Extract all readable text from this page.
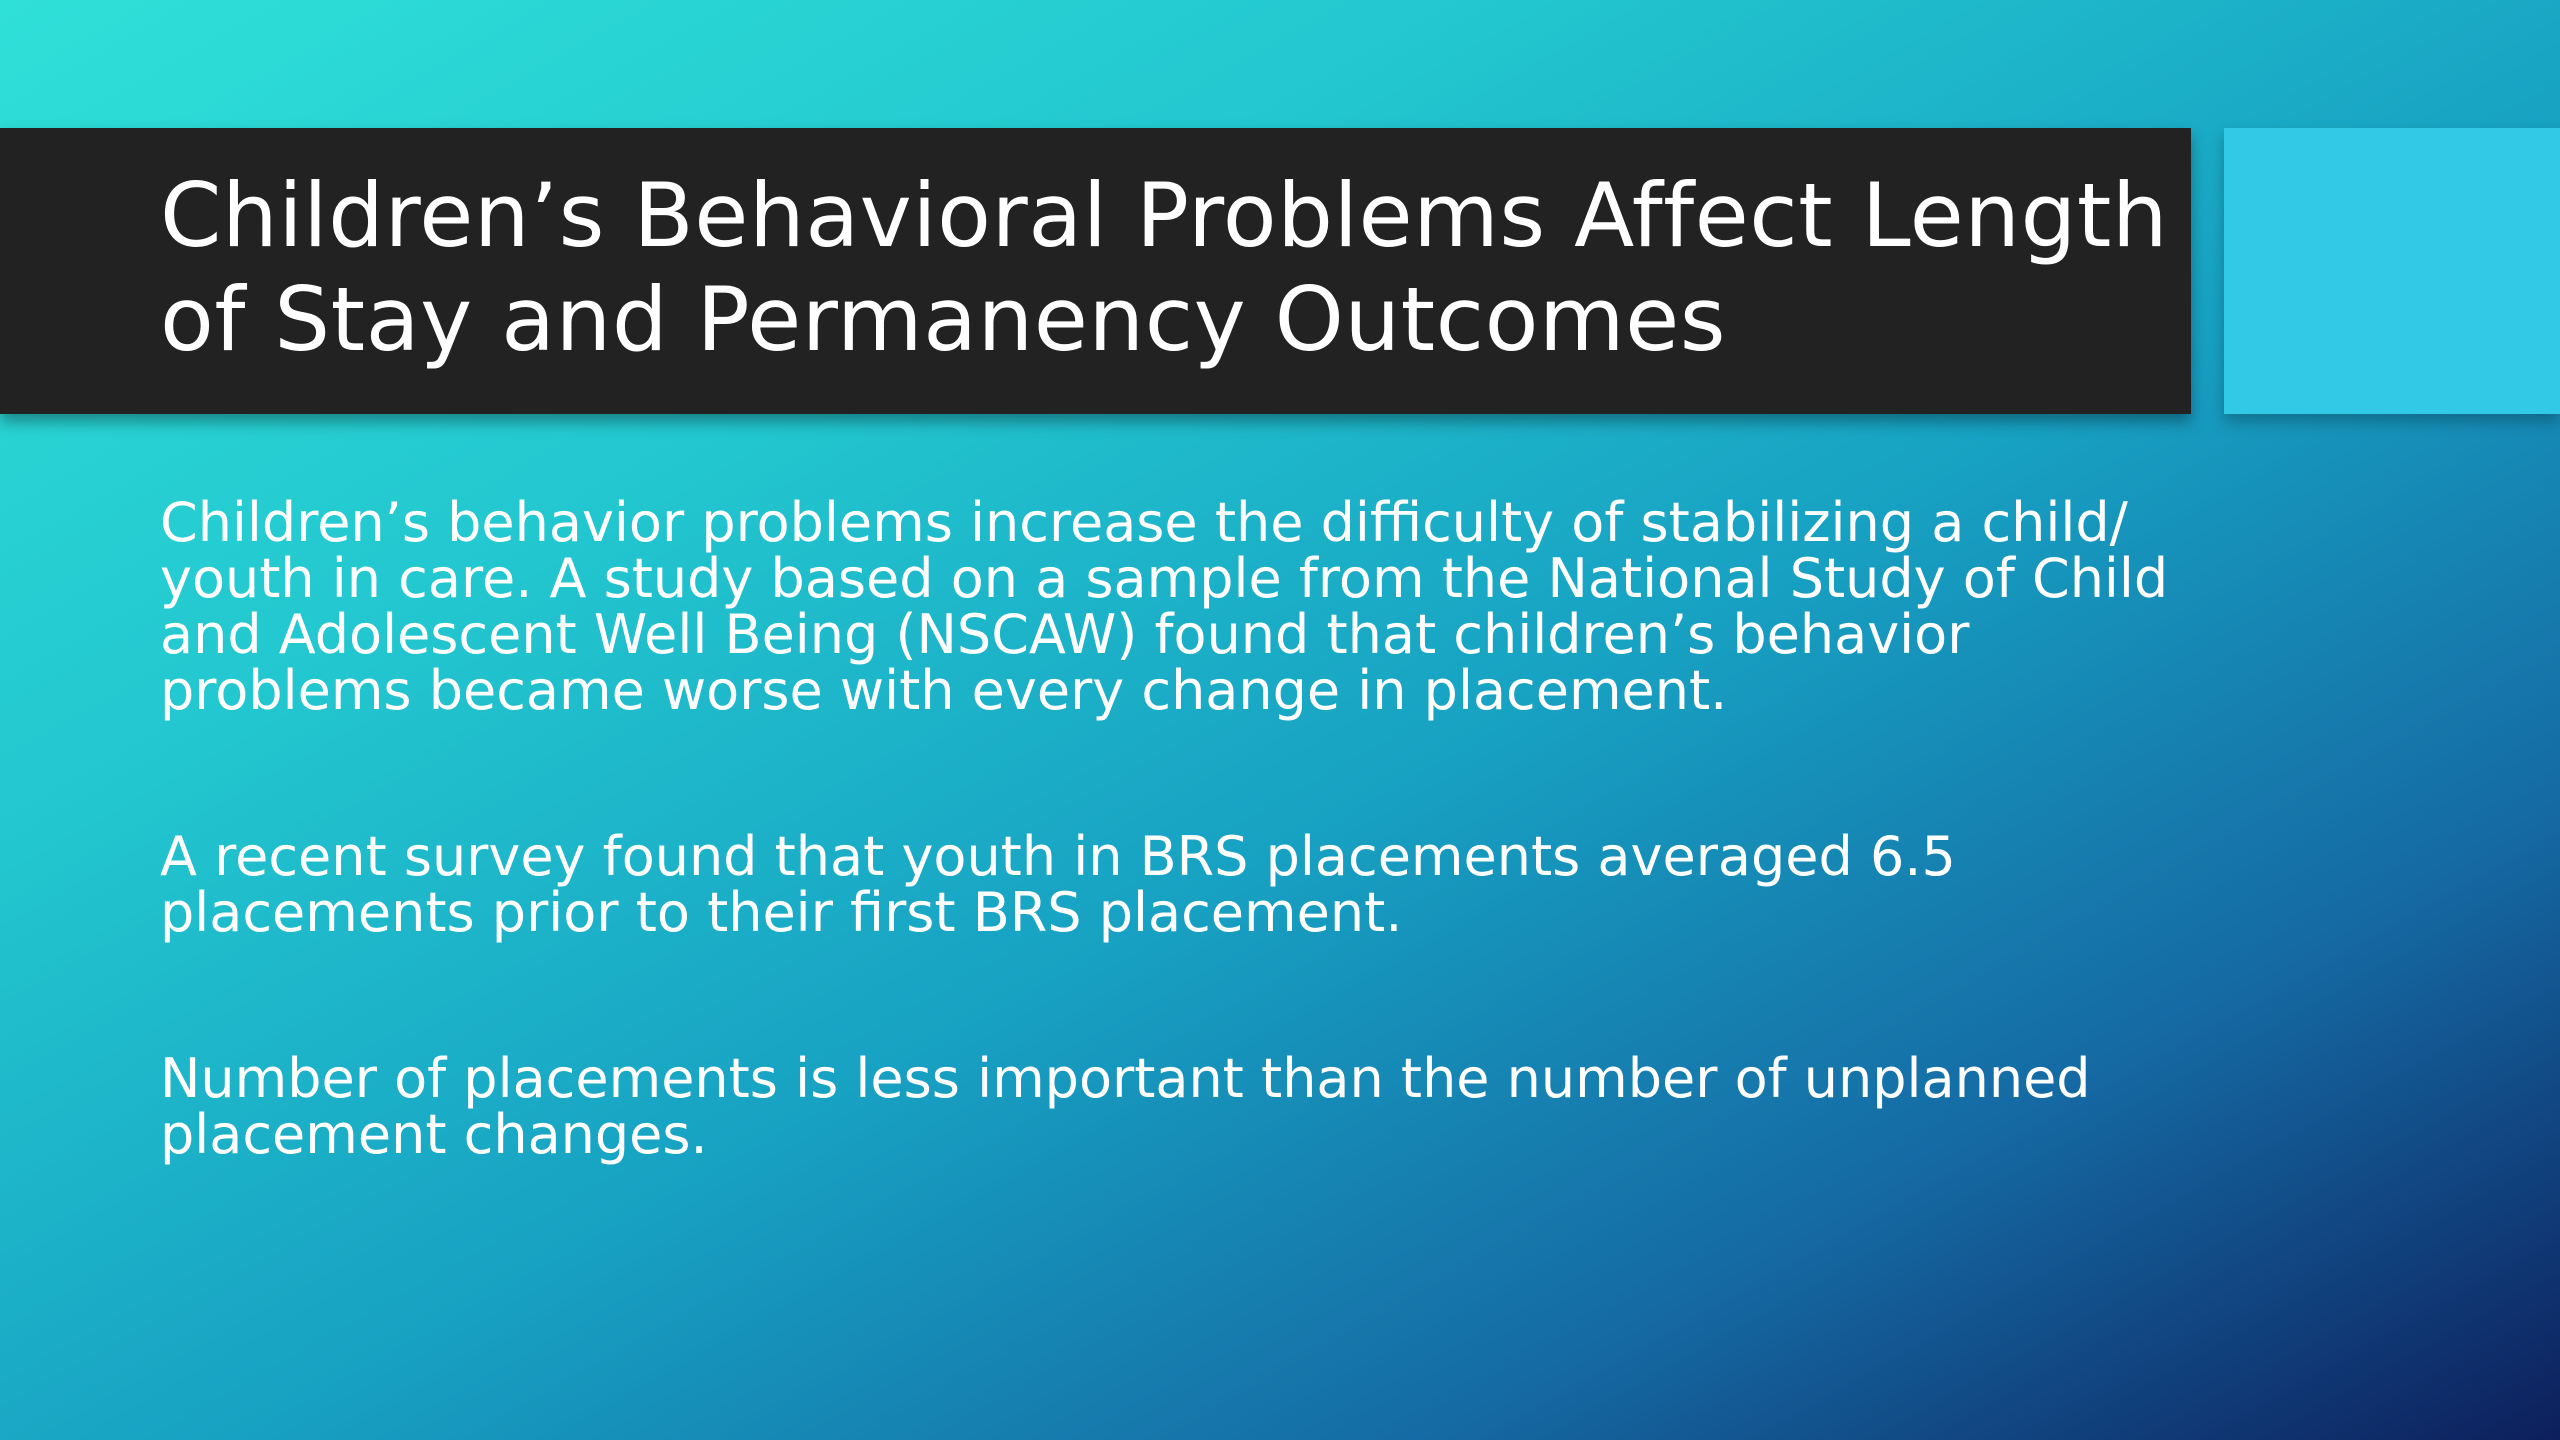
Children’s Behavioral Problems Affect Length of Stay and Permanency Outcomes

Children’s behavior problems increase the difficulty of stabilizing a child/ youth in care. A study based on a sample from the National Study of Child and Adolescent Well Being (NSCAW) found that children’s behavior problems became worse with every change in placement.

A recent survey found that youth in BRS placements averaged 6.5 placements prior to their first BRS placement.

Number of placements is less important than the number of unplanned placement changes.
